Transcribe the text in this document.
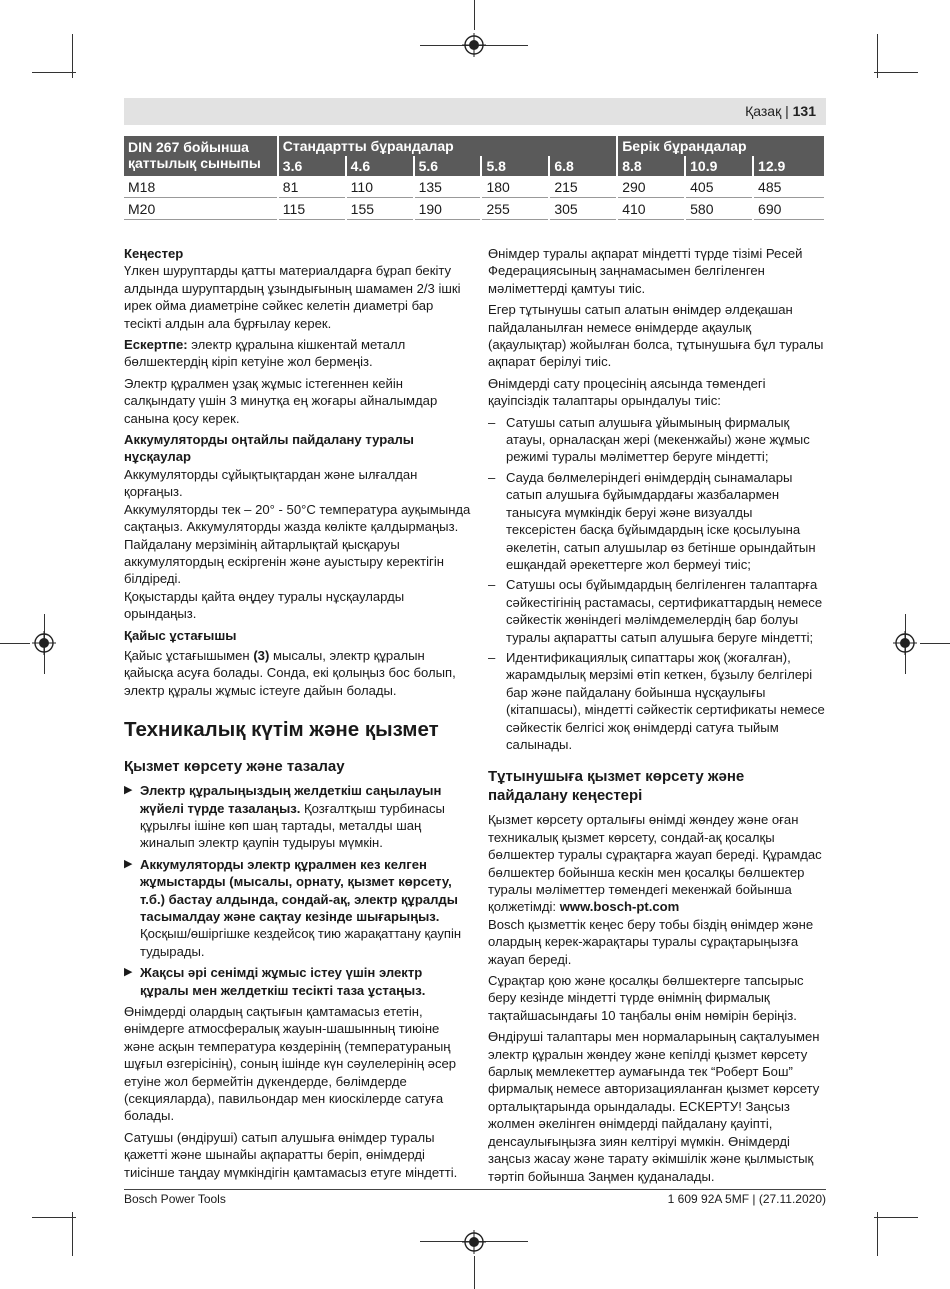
Қазақ | 131
DIN 267 бойынша қаттылық сыныпы	Стандартты бұрандалар					Берік бұрандалар		
	3.6	4.6	5.6	5.8	6.8	8.8	10.9	12.9
M18	81	110	135	180	215	290	405	485
M20	115	155	190	255	305	410	580	690

Кеңестер

Үлкен шуруптарды қатты материалдарға бұрап бекіту алдында шуруптардың ұзындығының шамамен 2/3 ішкі ирек ойма диаметріне сәйкес келетін диаметрі бар тесікті алдын ала бұрғылау керек.

Ескертпе: электр құралына кішкентай металл бөлшектердің кіріп кетуіне жол бермеңіз.

Электр құралмен ұзақ жұмыс істегеннен кейін салқындату үшін 3 минутқа ең жоғары айналымдар санына қосу керек.

Аккумуляторды оңтайлы пайдалану туралы нұсқаулар

Аккумуляторды сұйықтықтардан және ылғалдан қорғаңыз.

Аккумуляторды тек – 20° - 50°C температура ауқымында сақтаңыз. Аккумуляторды жазда көлікте қалдырмаңыз.

Пайдалану мерзімінің айтарлықтай қысқаруы аккумулятордың ескіргенін және ауыстыру керектігін білдіреді.

Қоқыстарды қайта өңдеу туралы нұсқауларды орындаңыз.

Қайыс ұстағышы

Қайыс ұстағышымен (3) мысалы, электр құралын қайысқа асуға болады. Сонда, екі қолыңыз бос болып, электр құралы жұмыс істеуге дайын болады.

Техникалық күтім және қызмет
Қызмет көрсету және тазалау
▶ Электр құралыңыздың желдеткіш саңылауын жүйелі түрде тазалаңыз. Қозғалтқыш турбинасы құрылғы ішіне көп шаң тартады, металды шаң жиналып электр қаупін тудыруы мүмкін.
▶ Аккумуляторды электр құралмен кез келген жұмыстарды (мысалы, орнату, қызмет көрсету, т.б.) бастау алдында, сондай-ақ, электр құралды тасымалдау және сақтау кезінде шығарыңыз. Қосқыш/өшіргішке кездейсоқ тию жарақаттану қаупін тудырады.
▶ Жақсы әрі сенімді жұмыс істеу үшін электр құралы мен желдеткіш тесікті таза ұстаңыз.

Өнімдерді олардың сақтығын қамтамасыз ететін, өнімдерге атмосфералық жауын-шашынның тиюіне және асқын температура көздерінің (температураның шұғыл өзгерісінің), соның ішінде күн сәулелерінің әсер етуіне жол бермейтін дүкендерде, бөлімдерде (секцияларда), павильондар мен киоскілерде сатуға болады.

Сатушы (өндіруші) сатып алушыға өнімдер туралы қажетті және шынайы ақпаратты беріп, өнімдерді тиісінше таңдау мүмкіндігін қамтамасыз етуге міндетті.

Өнімдер туралы ақпарат міндетті түрде тізімі Ресей Федерациясының заңнамасымен белгіленген мәліметтерді қамтуы тиіс.

Егер тұтынушы сатып алатын өнімдер әлдеқашан пайдаланылған немесе өнімдерде ақаулық (ақаулықтар) жойылған болса, тұтынушыға бұл туралы ақпарат берілуі тиіс.

Өнімдерді сату процесінің аясында төмендегі қауіпсіздік талаптары орындалуы тиіс:

– Сатушы сатып алушыға ұйымының фирмалық атауы, орналасқан жері (мекенжайы) және жұмыс режимі туралы мәліметтер беруге міндетті;
– Сауда бөлмелеріндегі өнімдердің сынамалары сатып алушыға бұйымдардағы жазбалармен танысуға мүмкіндік беруі және визуалды тексерістен басқа бұйымдардың іске қосылуына әкелетін, сатып алушылар өз бетінше орындайтын ешқандай әрекеттерге жол бермеуі тиіс;
– Сатушы осы бұйымдардың белгіленген талаптарға сәйкестігінің растамасы, сертификаттардың немесе сәйкестік жөніндегі мәлімдемелердің бар болуы туралы ақпаратты сатып алушыға беруге міндетті;
– Идентификациялық сипаттары жоқ (жоғалған), жарамдылық мерзімі өтіп кеткен, бұзылу белгілері бар және пайдалану бойынша нұсқаулығы (кітапшасы), міндетті сәйкестік сертификаты немесе сәйкестік белгісі жоқ өнімдерді сатуға тыйым салынады.
Тұтынушыға қызмет көрсету және пайдалану кеңестері

Қызмет көрсету орталығы өнімді жөндеу және оған техникалық қызмет көрсету, сондай-ақ қосалқы бөлшектер туралы сұрақтарға жауап береді. Құрамдас бөлшектер бойынша кескін мен қосалқы бөлшектер туралы мәліметтер төмендегі мекенжай бойынша қолжетімді: www.bosch-pt.com

Bosch қызметтік кеңес беру тобы біздің өнімдер және олардың керек-жарақтары туралы сұрақтарыңызға жауап береді.

Сұрақтар қою және қосалқы бөлшектерге тапсырыс беру кезінде міндетті түрде өнімнің фирмалық тақтайшасындағы 10 таңбалы өнім нөмірін беріңіз.

Өндіруші талаптары мен нормаларының сақталуымен электр құралын жөндеу және кепілді қызмет көрсету барлық мемлекеттер аумағында тек “Роберт Бош” фирмалық немесе авторизацияланған қызмет көрсету орталықтарында орындалады. ЕСКЕРТУ! Заңсыз жолмен әкелінген өнімдерді пайдалану қауіпті, денсаулығыңызға зиян келтіруі мүмкін. Өнімдерді заңсыз жасау және тарату әкімшілік және қылмыстық тәртіп бойынша Заңмен қуданалады.

Bosch Power Tools	1 609 92A 5MF | (27.11.2020)
